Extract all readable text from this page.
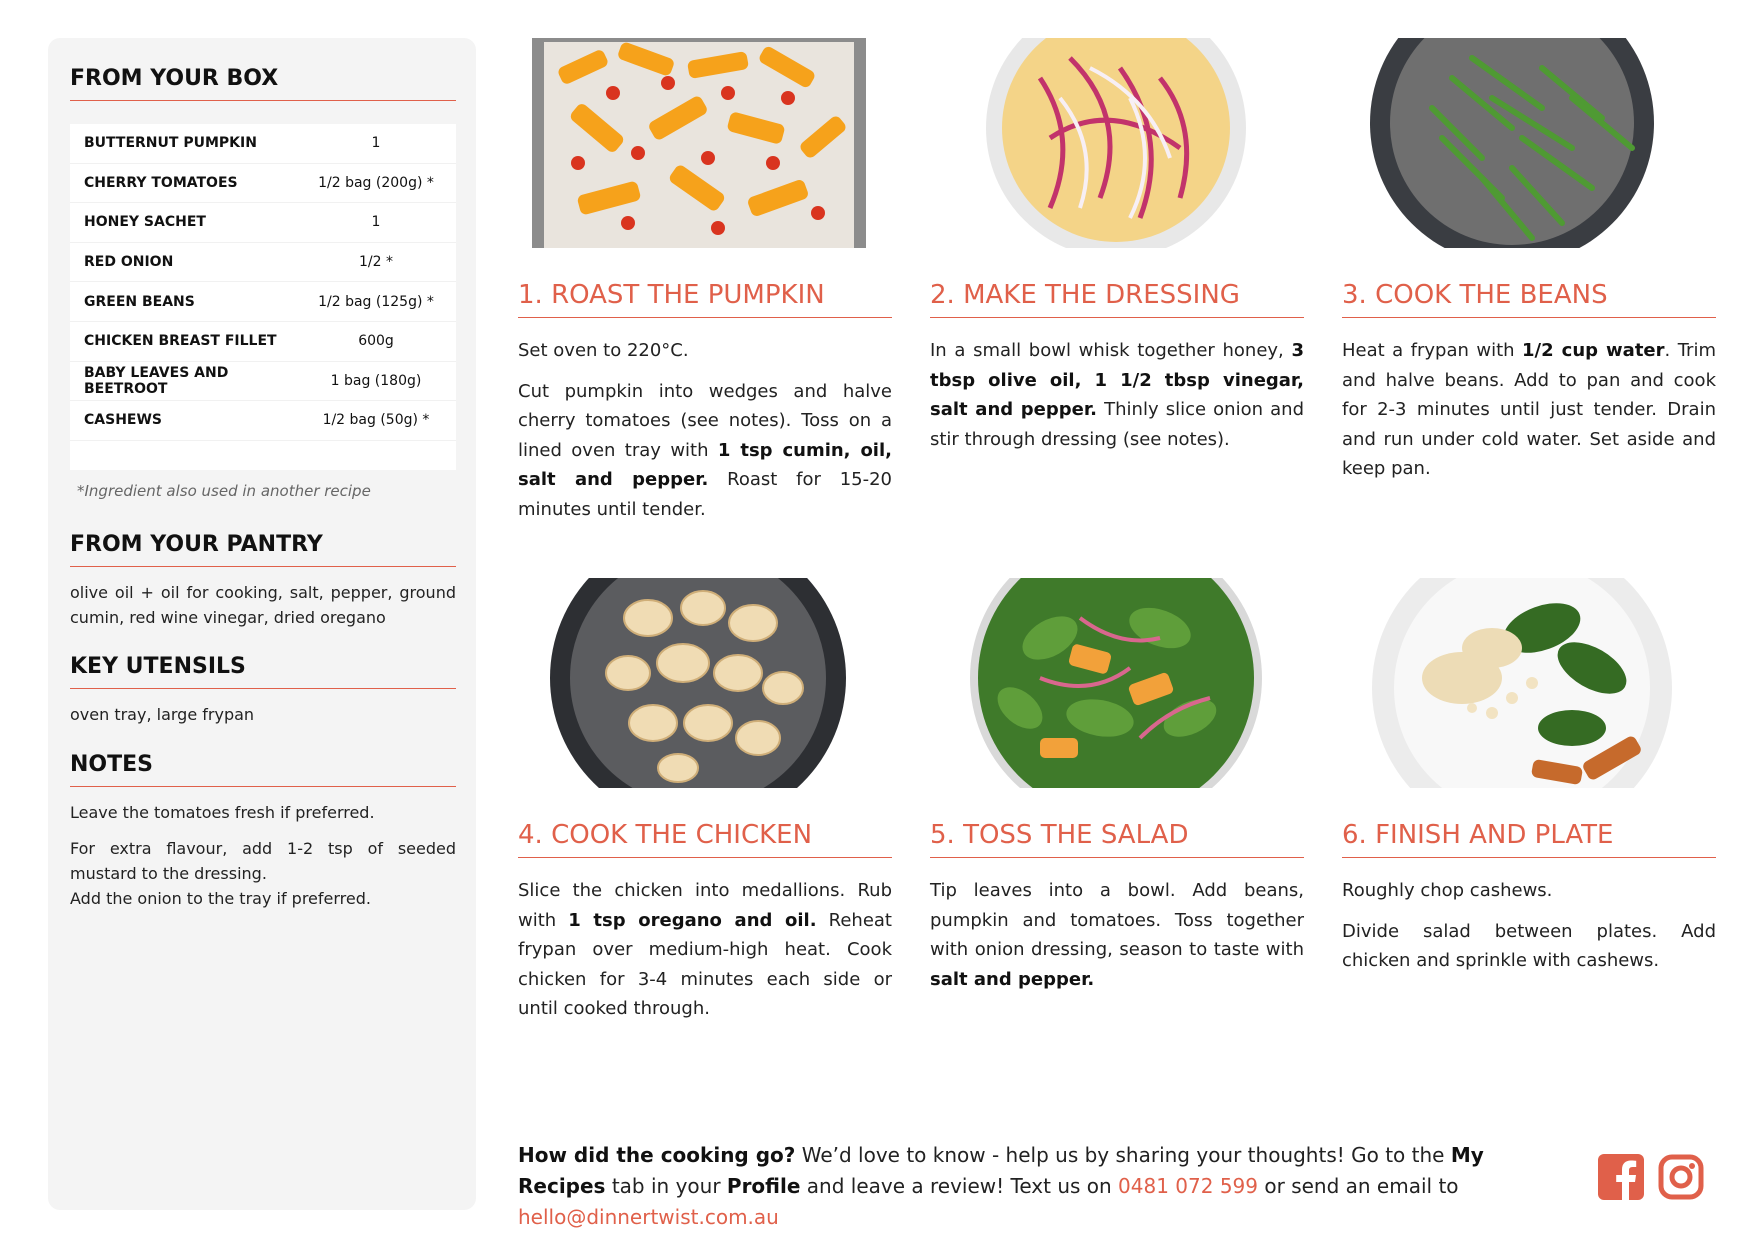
FROM YOUR BOX
BUTTERNUT PUMPKIN	1
CHERRY TOMATOES	1/2 bag (200g) *
HONEY SACHET	1
RED ONION	1/2 *
GREEN BEANS	1/2 bag (125g) *
CHICKEN BREAST FILLET	600g
BABY LEAVES AND BEETROOT	1 bag (180g)
CASHEWS	1/2 bag (50g) *
*Ingredient also used in another recipe
FROM YOUR PANTRY
olive oil + oil for cooking, salt, pepper, ground cumin, red wine vinegar, dried oregano
KEY UTENSILS
oven tray, large frypan
NOTES

Leave the tomatoes fresh if preferred.

For extra flavour, add 1-2 tsp of seeded mustard to the dressing.

Add the onion to the tray if preferred.

1. ROAST THE PUMPKIN

Set oven to 220°C.

Cut pumpkin into wedges and halve cherry tomatoes (see notes). Toss on a lined oven tray with 1 tsp cumin, oil, salt and pepper. Roast for 15-20 minutes until tender.

2. MAKE THE DRESSING

In a small bowl whisk together honey, 3 tbsp olive oil, 1 1/2 tbsp vinegar, salt and pepper. Thinly slice onion and stir through dressing (see notes).

3. COOK THE BEANS

Heat a frypan with 1/2 cup water. Trim and halve beans. Add to pan and cook for 2-3 minutes until just tender. Drain and run under cold water. Set aside and keep pan.

4. COOK THE CHICKEN

Slice the chicken into medallions. Rub with 1 tsp oregano and oil. Reheat frypan over medium-high heat. Cook chicken for 3-4 minutes each side or until cooked through.

5. TOSS THE SALAD

Tip leaves into a bowl. Add beans, pumpkin and tomatoes. Toss together with onion dressing, season to taste with salt and pepper.

6. FINISH AND PLATE

Roughly chop cashews.

Divide salad between plates. Add chicken and sprinkle with cashews.

How did the cooking go? We’d love to know - help us by sharing your thoughts! Go to the My Recipes tab in your Profile and leave a review! Text us on 0481 072 599 or send an email to hello@dinnertwist.com.au
